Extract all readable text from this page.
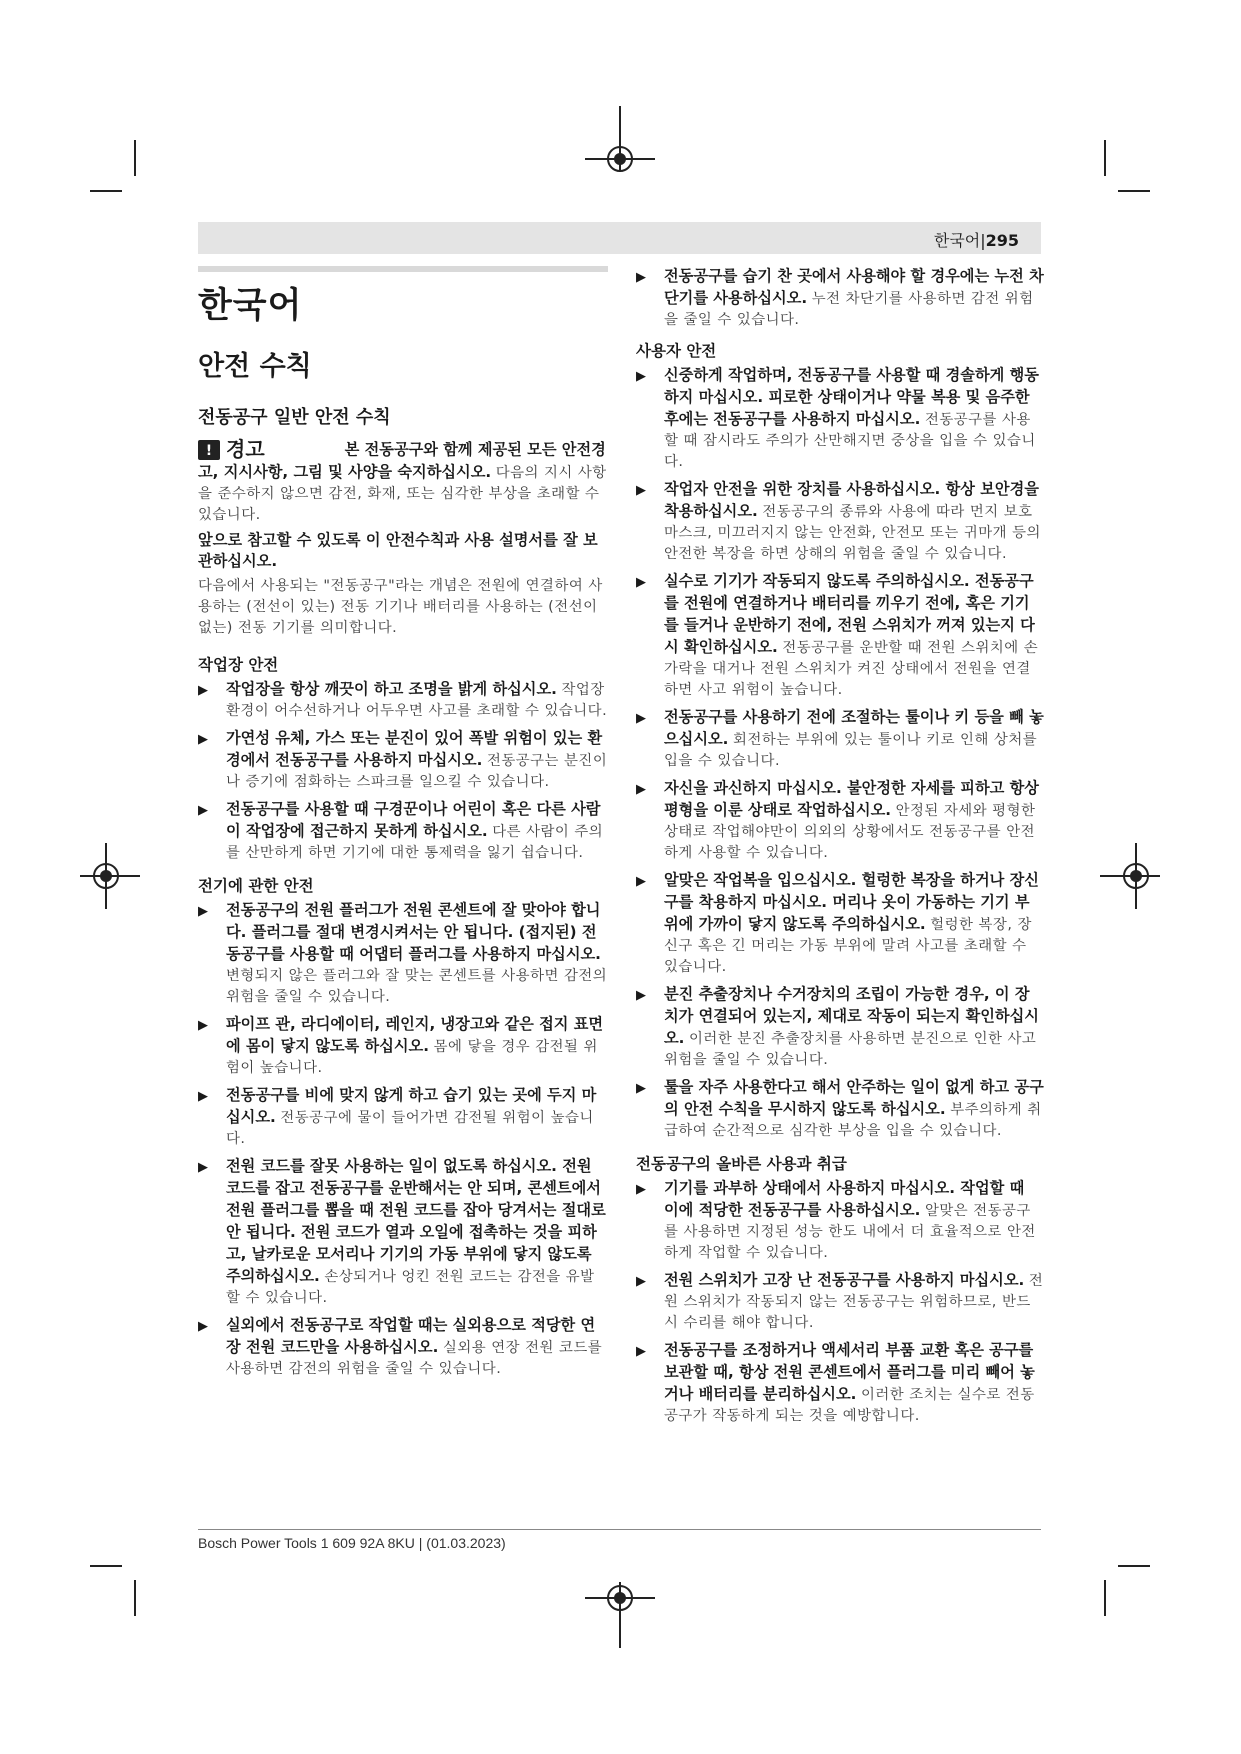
한국어|295
한국어
안전 수칙
전동공구 일반 안전 수칙
! 경고	본 전동공구와 함께 제공된 모든 안전경고, 지시사항, 그림 및 사양을 숙지하십시오. 다음의 지시 사항을 준수하지 않으면 감전, 화재, 또는 심각한 부상을 초래할 수 있습니다.
앞으로 참고할 수 있도록 이 안전수칙과 사용 설명서를 잘 보관하십시오.
다음에서 사용되는 "전동공구"라는 개념은 전원에 연결하여 사용하는 (전선이 있는) 전동 기기나 배터리를 사용하는 (전선이 없는) 전동 기기를 의미합니다.
작업장 안전
▶	작업장을 항상 깨끗이 하고 조명을 밝게 하십시오. 작업장 환경이 어수선하거나 어두우면 사고를 초래할 수 있습니다.
▶	가연성 유체, 가스 또는 분진이 있어 폭발 위험이 있는 환경에서 전동공구를 사용하지 마십시오. 전동공구는 분진이나 증기에 점화하는 스파크를 일으킬 수 있습니다.
▶	전동공구를 사용할 때 구경꾼이나 어린이 혹은 다른 사람이 작업장에 접근하지 못하게 하십시오. 다른 사람이 주의를 산만하게 하면 기기에 대한 통제력을 잃기 쉽습니다.
전기에 관한 안전
▶	전동공구의 전원 플러그가 전원 콘센트에 잘 맞아야 합니다. 플러그를 절대 변경시켜서는 안 됩니다. (접지된) 전동공구를 사용할 때 어댑터 플러그를 사용하지 마십시오. 변형되지 않은 플러그와 잘 맞는 콘센트를 사용하면 감전의 위험을 줄일 수 있습니다.
▶	파이프 관, 라디에이터, 레인지, 냉장고와 같은 접지 표면에 몸이 닿지 않도록 하십시오. 몸에 닿을 경우 감전될 위험이 높습니다.
▶	전동공구를 비에 맞지 않게 하고 습기 있는 곳에 두지 마십시오. 전동공구에 물이 들어가면 감전될 위험이 높습니다.
▶	전원 코드를 잘못 사용하는 일이 없도록 하십시오. 전원 코드를 잡고 전동공구를 운반해서는 안 되며, 콘센트에서 전원 플러그를 뽑을 때 전원 코드를 잡아 당겨서는 절대로 안 됩니다. 전원 코드가 열과 오일에 접촉하는 것을 피하고, 날카로운 모서리나 기기의 가동 부위에 닿지 않도록 주의하십시오. 손상되거나 엉킨 전원 코드는 감전을 유발할 수 있습니다.
▶	실외에서 전동공구로 작업할 때는 실외용으로 적당한 연장 전원 코드만을 사용하십시오. 실외용 연장 전원 코드를 사용하면 감전의 위험을 줄일 수 있습니다.
▶	전동공구를 습기 찬 곳에서 사용해야 할 경우에는 누전 차단기를 사용하십시오. 누전 차단기를 사용하면 감전 위험을 줄일 수 있습니다.
사용자 안전
▶	신중하게 작업하며, 전동공구를 사용할 때 경솔하게 행동하지 마십시오. 피로한 상태이거나 약물 복용 및 음주한 후에는 전동공구를 사용하지 마십시오. 전동공구를 사용할 때 잠시라도 주의가 산만해지면 중상을 입을 수 있습니다.
▶	작업자 안전을 위한 장치를 사용하십시오. 항상 보안경을 착용하십시오. 전동공구의 종류와 사용에 따라 먼지 보호 마스크, 미끄러지지 않는 안전화, 안전모 또는 귀마개 등의 안전한 복장을 하면 상해의 위험을 줄일 수 있습니다.
▶	실수로 기기가 작동되지 않도록 주의하십시오. 전동공구를 전원에 연결하거나 배터리를 끼우기 전에, 혹은 기기를 들거나 운반하기 전에, 전원 스위치가 꺼져 있는지 다시 확인하십시오. 전동공구를 운반할 때 전원 스위치에 손가락을 대거나 전원 스위치가 켜진 상태에서 전원을 연결하면 사고 위험이 높습니다.
▶	전동공구를 사용하기 전에 조절하는 툴이나 키 등을 빼 놓으십시오. 회전하는 부위에 있는 툴이나 키로 인해 상처를 입을 수 있습니다.
▶	자신을 과신하지 마십시오. 불안정한 자세를 피하고 항상 평형을 이룬 상태로 작업하십시오. 안정된 자세와 평형한 상태로 작업해야만이 의외의 상황에서도 전동공구를 안전하게 사용할 수 있습니다.
▶	알맞은 작업복을 입으십시오. 헐렁한 복장을 하거나 장신구를 착용하지 마십시오. 머리나 옷이 가동하는 기기 부위에 가까이 닿지 않도록 주의하십시오. 헐렁한 복장, 장신구 혹은 긴 머리는 가동 부위에 말려 사고를 초래할 수 있습니다.
▶	분진 추출장치나 수거장치의 조립이 가능한 경우, 이 장치가 연결되어 있는지, 제대로 작동이 되는지 확인하십시오. 이러한 분진 추출장치를 사용하면 분진으로 인한 사고 위험을 줄일 수 있습니다.
▶	툴을 자주 사용한다고 해서 안주하는 일이 없게 하고 공구의 안전 수칙을 무시하지 않도록 하십시오. 부주의하게 취급하여 순간적으로 심각한 부상을 입을 수 있습니다.
전동공구의 올바른 사용과 취급
▶	기기를 과부하 상태에서 사용하지 마십시오. 작업할 때 이에 적당한 전동공구를 사용하십시오. 알맞은 전동공구를 사용하면 지정된 성능 한도 내에서 더 효율적으로 안전하게 작업할 수 있습니다.
▶	전원 스위치가 고장 난 전동공구를 사용하지 마십시오. 전원 스위치가 작동되지 않는 전동공구는 위험하므로, 반드시 수리를 해야 합니다.
▶	전동공구를 조정하거나 액세서리 부품 교환 혹은 공구를 보관할 때, 항상 전원 콘센트에서 플러그를 미리 빼어 놓거나 배터리를 분리하십시오. 이러한 조치는 실수로 전동공구가 작동하게 되는 것을 예방합니다.
Bosch Power Tools 1 609 92A 8KU | (01.03.2023)
